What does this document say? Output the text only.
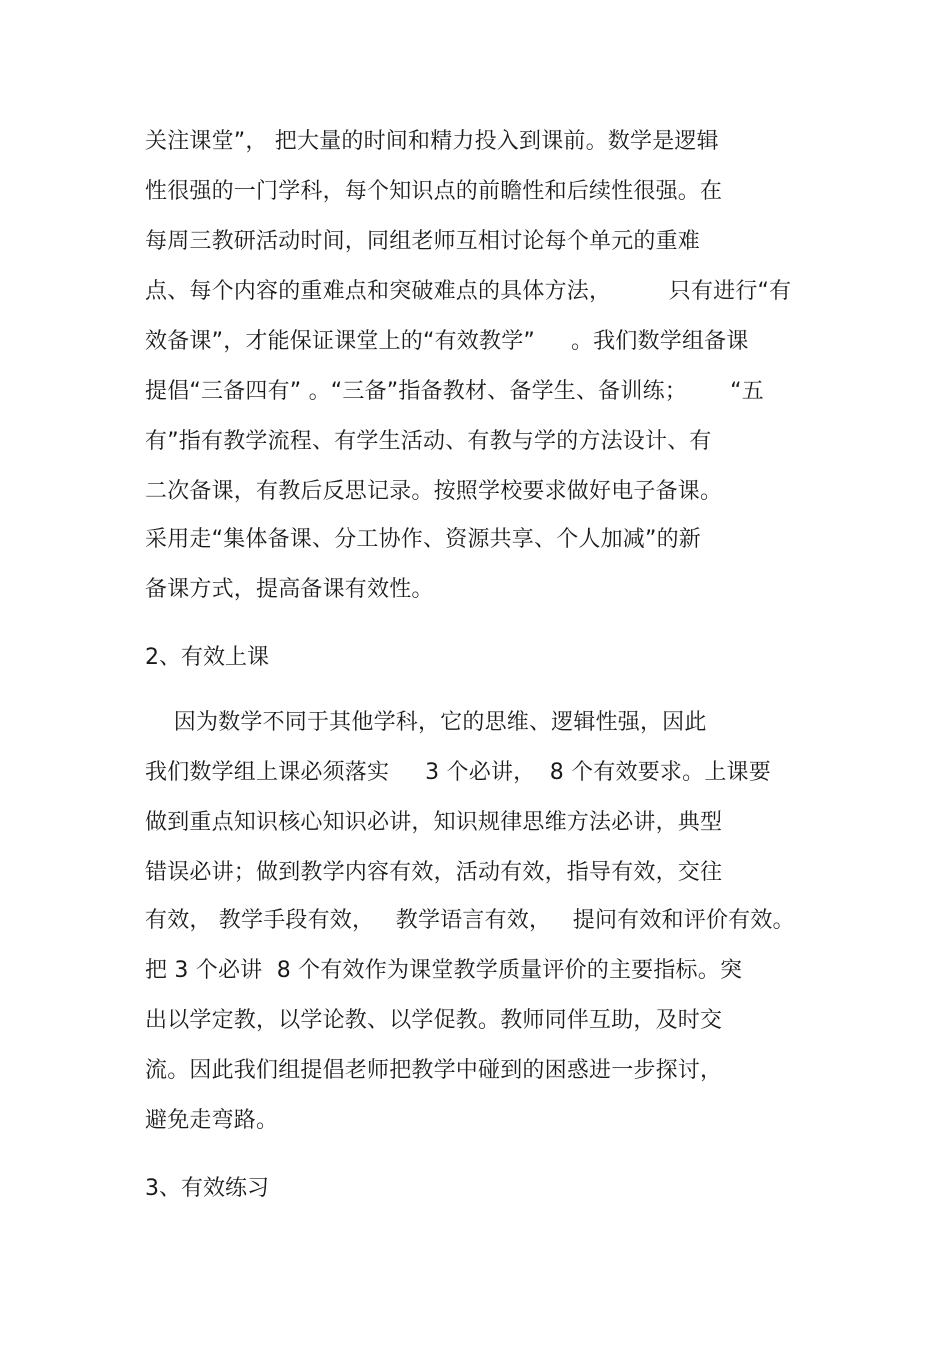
关注课堂”， 把大量的时间和精力投入到课前。数学是逻辑
性很强的一门学科，每个知识点的前瞻性和后续性很强。在
每周三教研活动时间，同组老师互相讨论每个单元的重难
点、每个内容的重难点和突破难点的具体方法，        只有进行“有
效备课”，才能保证课堂上的“有效教学”     。我们数学组备课
提倡“三备四有” 。“三备”指备教材、备学生、备训练；      “五
有”指有教学流程、有学生活动、有教与学的方法设计、有
二次备课，有教后反思记录。按照学校要求做好电子备课。
采用走“集体备课、分工协作、资源共享、个人加减”的新
备课方式，提高备课有效性。
2、有效上课
因为数学不同于其他学科，它的思维、逻辑性强，因此
我们数学组上课必须落实     3 个必讲，  8 个有效要求。上课要
做到重点知识核心知识必讲，知识规律思维方法必讲，典型
错误必讲；做到教学内容有效，活动有效，指导有效，交往
有效， 教学手段有效，   教学语言有效，   提问有效和评价有效。
把 3 个必讲  8 个有效作为课堂教学质量评价的主要指标。突
出以学定教，以学论教、以学促教。教师同伴互助，及时交
流。因此我们组提倡老师把教学中碰到的困惑进一步探讨，
避免走弯路。
3、有效练习
